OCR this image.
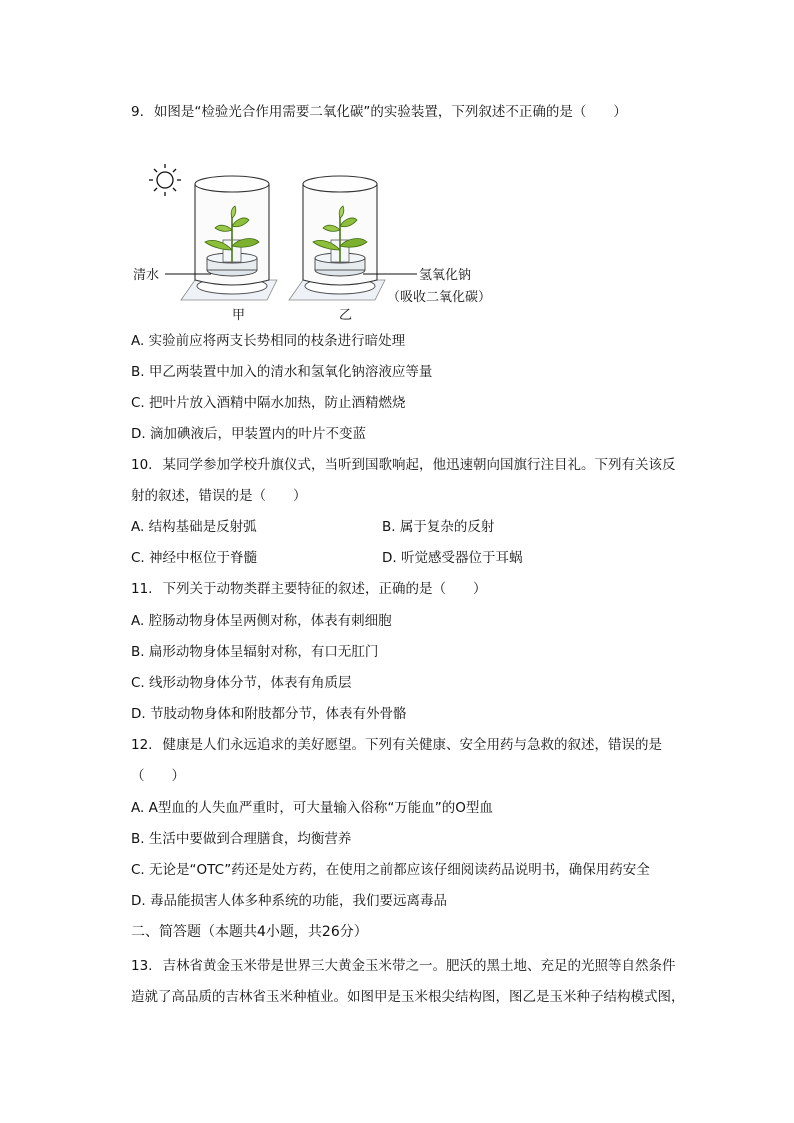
9. 如图是“检验光合作用需要二氧化碳”的实验装置，下列叙述不正确的是（　　）
清水	氢氧化钠
（吸收二氧化碳）
甲	乙
A. 实验前应将两支长势相同的枝条进行暗处理
B. 甲乙两装置中加入的清水和氢氧化钠溶液应等量
C. 把叶片放入酒精中隔水加热，防止酒精燃烧
D. 滴加碘液后，甲装置内的叶片不变蓝
10. 某同学参加学校升旗仪式，当听到国歌响起，他迅速朝向国旗行注目礼。下列有关该反
射的叙述，错误的是（　　）
A. 结构基础是反射弧	B. 属于复杂的反射
C. 神经中枢位于脊髓	D. 听觉感受器位于耳蜗
11. 下列关于动物类群主要特征的叙述，正确的是（　　）
A. 腔肠动物身体呈两侧对称，体表有刺细胞
B. 扁形动物身体呈辐射对称，有口无肛门
C. 线形动物身体分节，体表有角质层
D. 节肢动物身体和附肢都分节，体表有外骨骼
12. 健康是人们永远追求的美好愿望。下列有关健康、安全用药与急救的叙述，错误的是
（　　）
A. A型血的人失血严重时，可大量输入俗称“万能血”的O型血
B. 生活中要做到合理膳食，均衡营养
C. 无论是“OTC”药还是处方药，在使用之前都应该仔细阅读药品说明书，确保用药安全
D. 毒品能损害人体多种系统的功能，我们要远离毒品
二、简答题（本题共4小题，共26分）
13. 吉林省黄金玉米带是世界三大黄金玉米带之一。肥沃的黑土地、充足的光照等自然条件
造就了高品质的吉林省玉米种植业。如图甲是玉米根尖结构图，图乙是玉米种子结构模式图，
